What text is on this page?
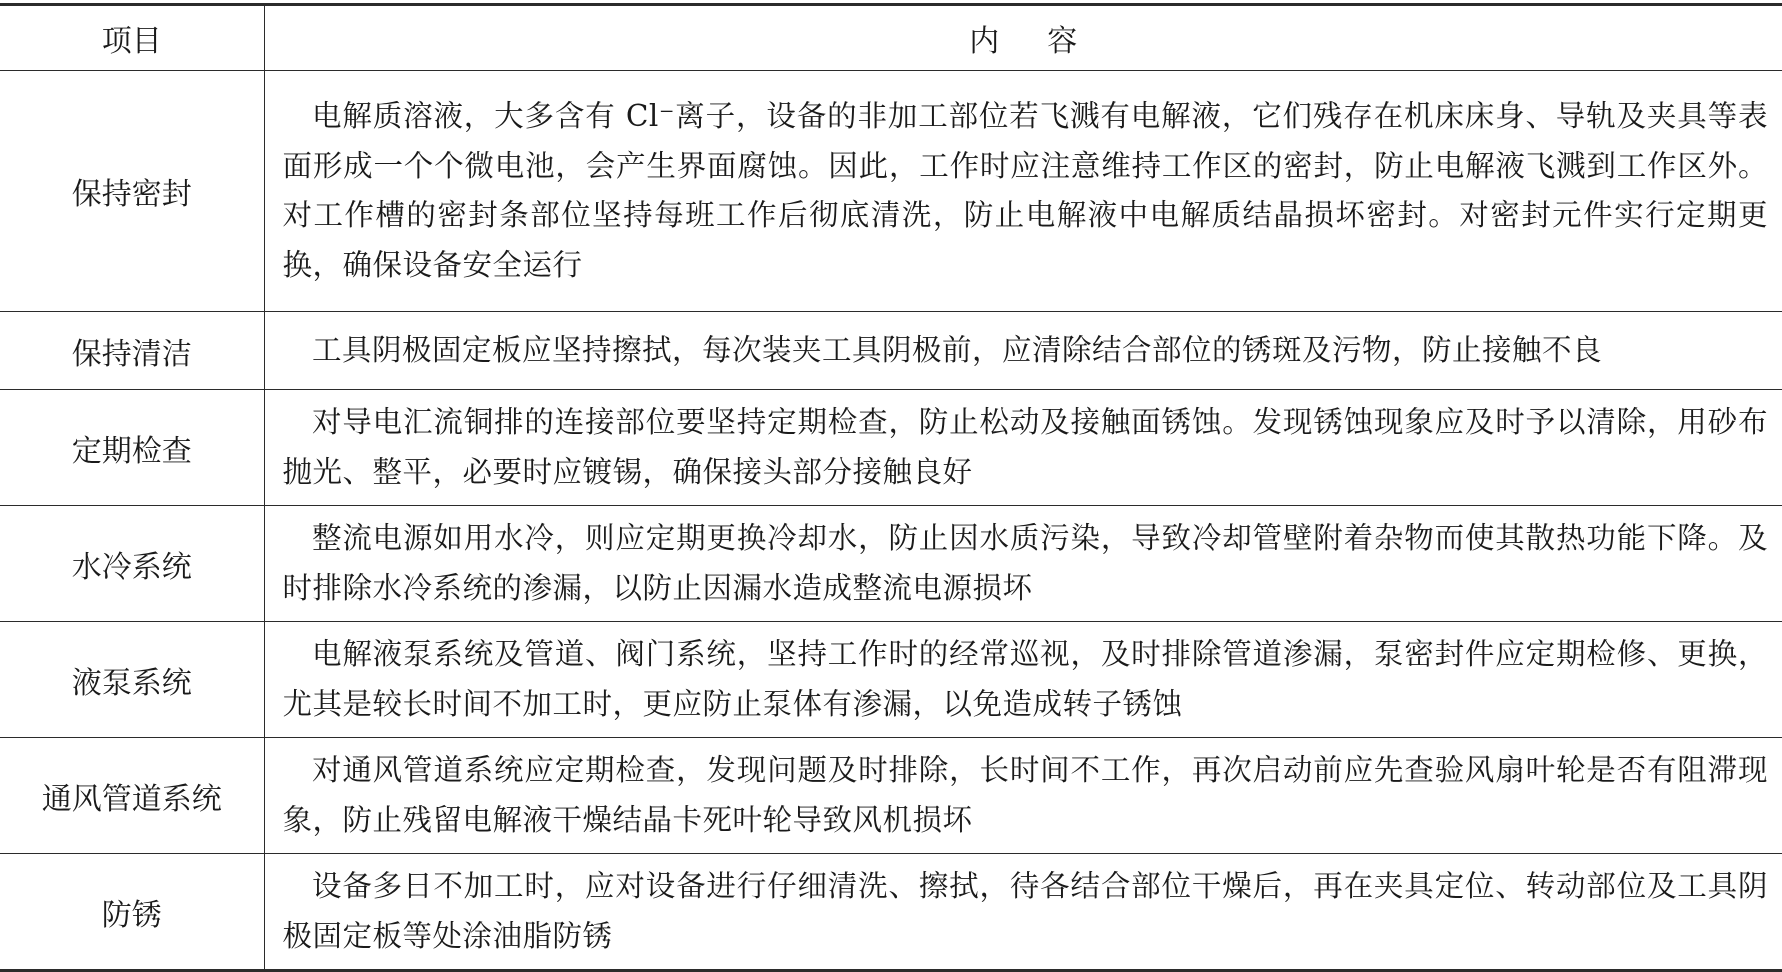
项目	内容
保持密封	电解质溶液，大多含有 Cl⁻离子，设备的非加工部位若飞溅有电解液，它们残存在机床床身、导轨及夹具等表面形成一个个微电池，会产生界面腐蚀。因此，工作时应注意维持工作区的密封，防止电解液飞溅到工作区外。对工作槽的密封条部位坚持每班工作后彻底清洗，防止电解液中电解质结晶损坏密封。对密封元件实行定期更换，确保设备安全运行
保持清洁	工具阴极固定板应坚持擦拭，每次装夹工具阴极前，应清除结合部位的锈斑及污物，防止接触不良
定期检查	对导电汇流铜排的连接部位要坚持定期检查，防止松动及接触面锈蚀。发现锈蚀现象应及时予以清除，用砂布抛光、整平，必要时应镀锡，确保接头部分接触良好
水冷系统	整流电源如用水冷，则应定期更换冷却水，防止因水质污染，导致冷却管壁附着杂物而使其散热功能下降。及时排除水冷系统的渗漏，以防止因漏水造成整流电源损坏
液泵系统	电解液泵系统及管道、阀门系统，坚持工作时的经常巡视，及时排除管道渗漏，泵密封件应定期检修、更换，尤其是较长时间不加工时，更应防止泵体有渗漏，以免造成转子锈蚀
通风管道系统	对通风管道系统应定期检查，发现问题及时排除，长时间不工作，再次启动前应先查验风扇叶轮是否有阻滞现象，防止残留电解液干燥结晶卡死叶轮导致风机损坏
防锈	设备多日不加工时，应对设备进行仔细清洗、擦拭，待各结合部位干燥后，再在夹具定位、转动部位及工具阴极固定板等处涂油脂防锈
